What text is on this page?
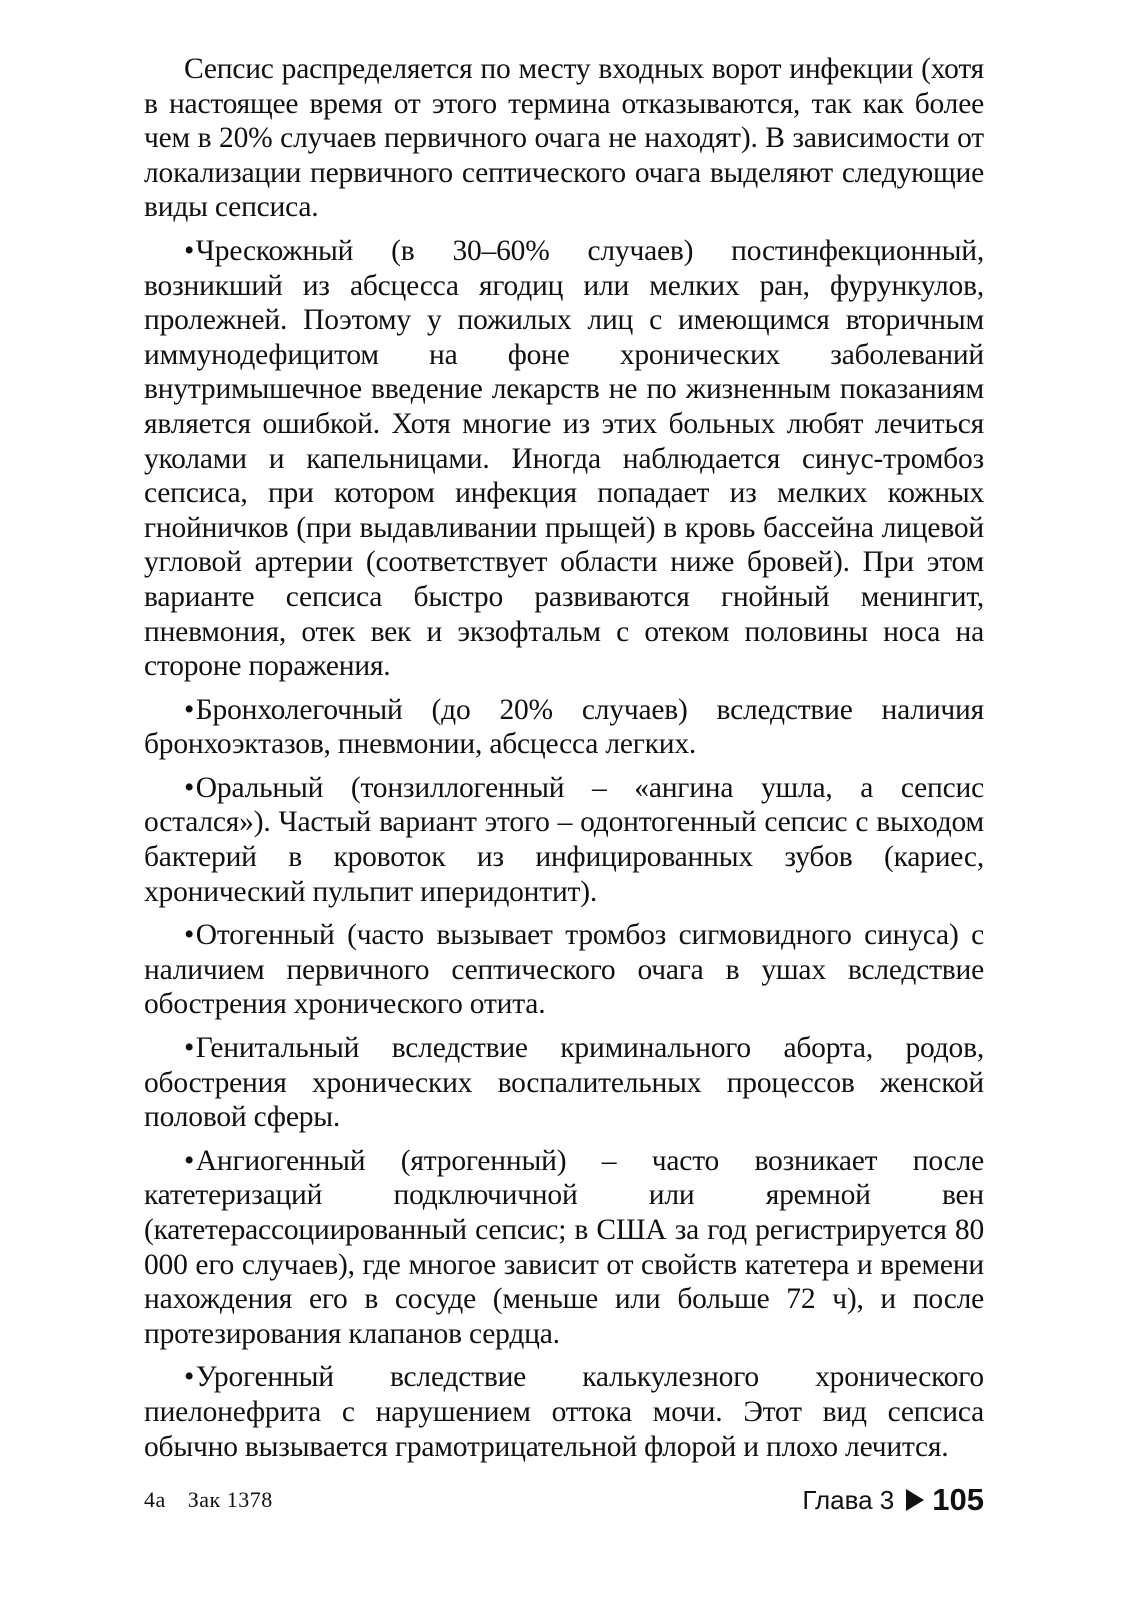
Сепсис распределяется по месту входных ворот инфекции (хотя в настоящее время от этого термина отказываются, так как более чем в 20% случаев первичного очага не находят). В зависимости от локализации первичного септического очага выделяют следующие виды сепсиса.

•Чрескожный (в 30–60% случаев) постинфекционный, возникший из абсцесса ягодиц или мелких ран, фурункулов, пролежней. Поэтому у пожилых лиц с имеющимся вторичным иммунодефицитом на фоне хронических заболеваний внутримышечное введение лекарств не по жизненным показаниям является ошибкой. Хотя многие из этих больных любят лечиться уколами и капельницами. Иногда наблюдается синус-тромбоз сепсиса, при котором инфекция попадает из мелких кожных гнойничков (при выдавливании прыщей) в кровь бассейна лицевой угловой артерии (соответствует области ниже бровей). При этом варианте сепсиса быстро развиваются гнойный менингит, пневмония, отек век и экзофтальм с отеком половины носа на стороне поражения.

•Бронхолегочный (до 20% случаев) вследствие наличия бронхоэктазов, пневмонии, абсцесса легких.

•Оральный (тонзиллогенный – «ангина ушла, а сепсис остался»). Частый вариант этого – одонтогенный сепсис с выходом бактерий в кровоток из инфицированных зубов (кариес, хронический пульпит иперидонтит).

•Отогенный (часто вызывает тромбоз сигмовидного синуса) с наличием первичного септического очага в ушах вследствие обострения хронического отита.

•Генитальный вследствие криминального аборта, родов, обострения хронических воспалительных процессов женской половой сферы.

•Ангиогенный (ятрогенный) – часто возникает после катетеризаций подключичной или яремной вен (катетерассоциированный сепсис; в США за год регистрируется 80 000 его случаев), где многое зависит от свойств катетера и времени нахождения его в сосуде (меньше или больше 72 ч), и после протезирования клапанов сердца.

•Урогенный вследствие калькулезного хронического пиелонефрита с нарушением оттока мочи. Этот вид сепсиса обычно вызывается грамотрицательной флорой и плохо лечится.

4а Зак 1378	Глава 3 105
